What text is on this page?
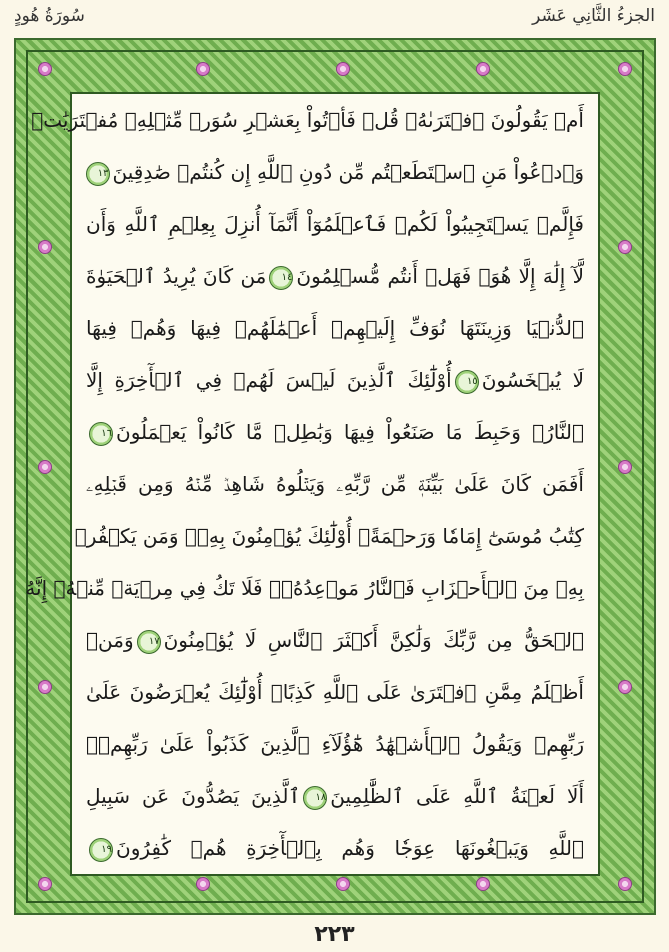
الجزءُ الثَّانِي عَشَر
سُورَةُ هُودٍ
أَمۡ يَقُولُونَ ٱفۡتَرَىٰهُۖ قُلۡ فَأۡتُواْ بِعَشۡرِ سُوَرٖ مِّثۡلِهِۦ مُفۡتَرَيَٰتٖ
وَٱدۡعُواْ مَنِ ٱسۡتَطَعۡتُم مِّن دُونِ ٱللَّهِ إِن كُنتُمۡ صَٰدِقِينَ١٣
فَإِلَّمۡ يَسۡتَجِيبُواْ لَكُمۡ فَٱعۡلَمُوٓاْ أَنَّمَآ أُنزِلَ بِعِلۡمِ ٱللَّهِ وَأَن
لَّآ إِلَٰهَ إِلَّا هُوَۖ فَهَلۡ أَنتُم مُّسۡلِمُونَ١٤مَن كَانَ يُرِيدُ ٱلۡحَيَوٰةَ
ٱلدُّنۡيَا وَزِينَتَهَا نُوَفِّ إِلَيۡهِمۡ أَعۡمَٰلَهُمۡ فِيهَا وَهُمۡ فِيهَا
لَا يُبۡخَسُونَ١٥أُوْلَٰٓئِكَ ٱلَّذِينَ لَيۡسَ لَهُمۡ فِي ٱلۡأٓخِرَةِ إِلَّا
ٱلنَّارُۖ وَحَبِطَ مَا صَنَعُواْ فِيهَا وَبَٰطِلٞ مَّا كَانُواْ يَعۡمَلُونَ١٦
أَفَمَن كَانَ عَلَىٰ بَيِّنَةٖ مِّن رَّبِّهِۦ وَيَتۡلُوهُ شَاهِدٞ مِّنۡهُ وَمِن قَبۡلِهِۦ
كِتَٰبُ مُوسَىٰٓ إِمَامٗا وَرَحۡمَةًۚ أُوْلَٰٓئِكَ يُؤۡمِنُونَ بِهِۦۚ وَمَن يَكۡفُرۡ
بِهِۦ مِنَ ٱلۡأَحۡزَابِ فَٱلنَّارُ مَوۡعِدُهُۥۚ فَلَا تَكُ فِي مِرۡيَةٖ مِّنۡهُۚ إِنَّهُ
ٱلۡحَقُّ مِن رَّبِّكَ وَلَٰكِنَّ أَكۡثَرَ ٱلنَّاسِ لَا يُؤۡمِنُونَ١٧وَمَنۡ
أَظۡلَمُ مِمَّنِ ٱفۡتَرَىٰ عَلَى ٱللَّهِ كَذِبًاۚ أُوْلَٰٓئِكَ يُعۡرَضُونَ عَلَىٰ
رَبِّهِمۡ وَيَقُولُ ٱلۡأَشۡهَٰدُ هَٰٓؤُلَآءِ ٱلَّذِينَ كَذَبُواْ عَلَىٰ رَبِّهِمۡۚ
أَلَا لَعۡنَةُ ٱللَّهِ عَلَى ٱلظَّٰلِمِينَ١٨ٱلَّذِينَ يَصُدُّونَ عَن سَبِيلِ
ٱللَّهِ وَيَبۡغُونَهَا عِوَجٗا وَهُم بِٱلۡأٓخِرَةِ هُمۡ كَٰفِرُونَ١٩
٢٢٣
